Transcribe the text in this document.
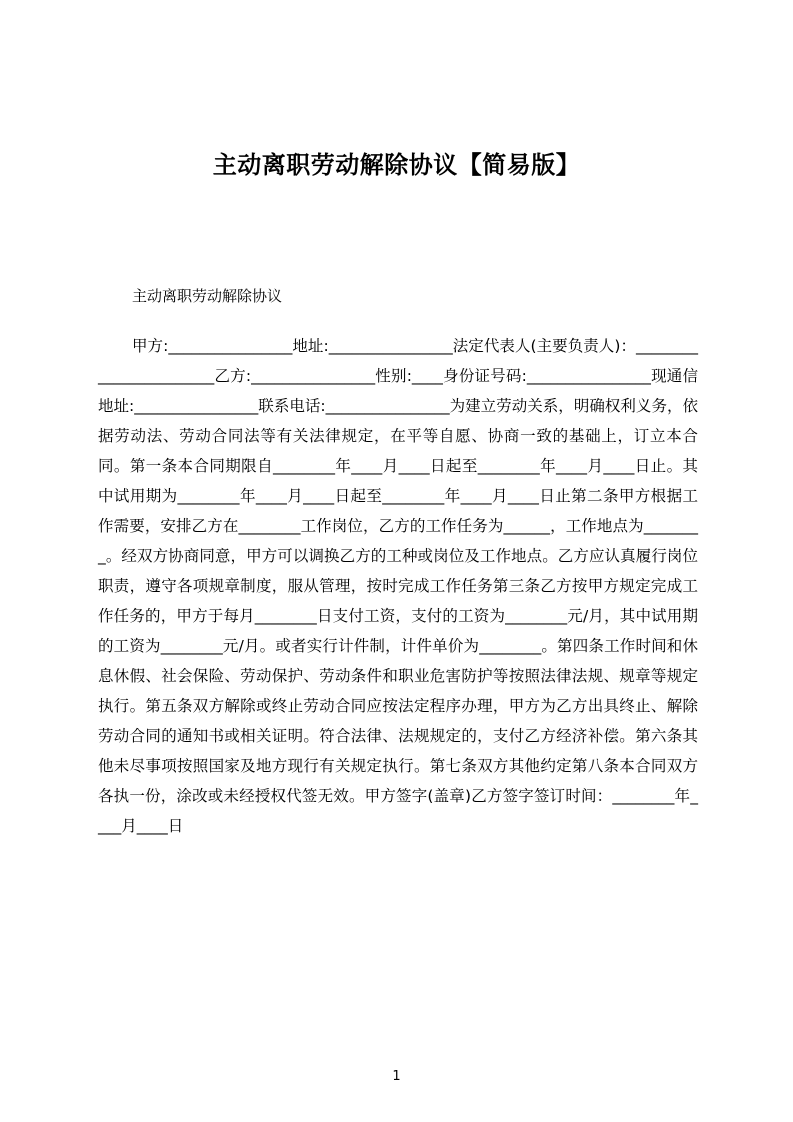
主动离职劳动解除协议【简易版】

主动离职劳动解除协议

甲方:________________地址:________________法定代表人(主要负责人)：_______________________乙方:________________性别:____身份证号码:________________现通信地址:________________联系电话:________________为建立劳动关系，明确权利义务，依据劳动法、劳动合同法等有关法律规定，在平等自愿、协商一致的基础上，订立本合同。第一条本合同期限自________年____月____日起至________年____月____日止。其中试用期为________年____月____日起至________年____月____日止第二条甲方根据工作需要，安排乙方在________工作岗位，乙方的工作任务为______，工作地点为________。经双方协商同意，甲方可以调换乙方的工种或岗位及工作地点。乙方应认真履行岗位职责，遵守各项规章制度，服从管理，按时完成工作任务第三条乙方按甲方规定完成工作任务的，甲方于每月________日支付工资，支付的工资为________元/月，其中试用期的工资为________元/月。或者实行计件制，计件单价为________。第四条工作时间和休息休假、社会保险、劳动保护、劳动条件和职业危害防护等按照法律法规、规章等规定执行。第五条双方解除或终止劳动合同应按法定程序办理，甲方为乙方出具终止、解除劳动合同的通知书或相关证明。符合法律、法规规定的，支付乙方经济补偿。第六条其他未尽事项按照国家及地方现行有关规定执行。第七条双方其他约定第八条本合同双方各执一份，涂改或未经授权代签无效。甲方签字(盖章)乙方签字签订时间：________年____月____日

1
